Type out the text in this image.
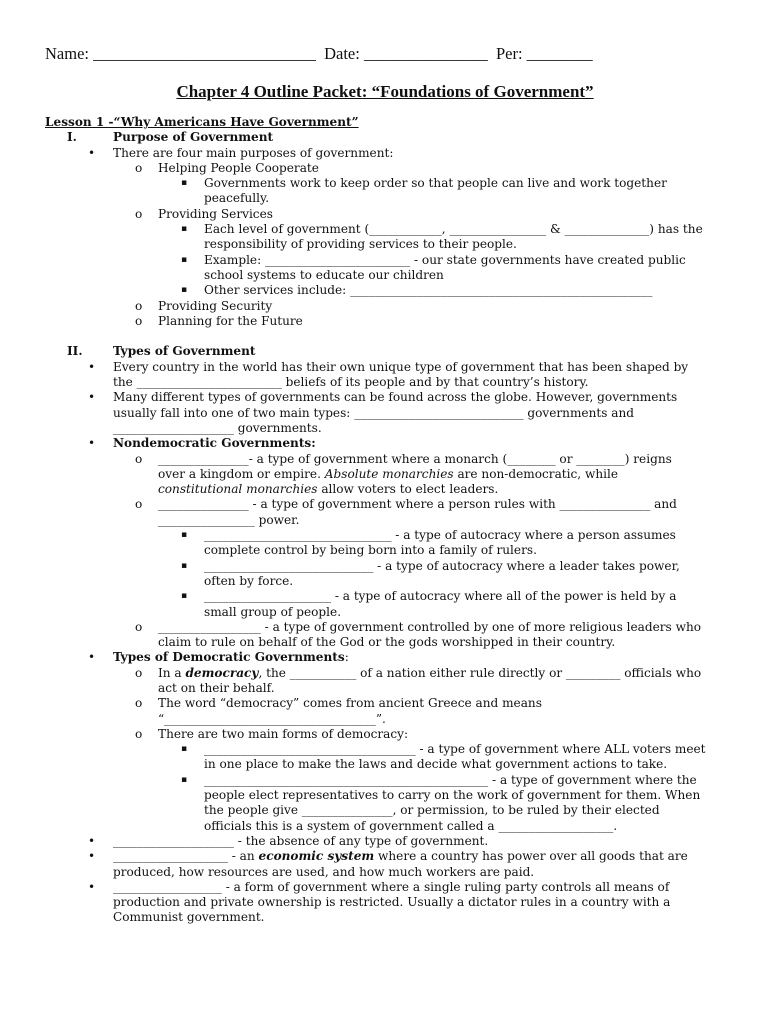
Name: ___________________________  Date: _______________  Per: ________
Chapter 4 Outline Packet: “Foundations of Government”
Lesson 1 -“Why Americans Have Government”
I.	Purpose of Government
• There are four main purposes of government:
o Helping People Cooperate
▪ Governments work to keep order so that people can live and work together
peacefully.
o Providing Services
▪ Each level of government (____________, ________________ & ______________) has the
responsibility of providing services to their people.
▪ Example: ________________________ - our state governments have created public
school systems to educate our children
▪ Other services include: __________________________________________________
o Providing Security
o Planning for the Future
II.	Types of Government
• Every country in the world has their own unique type of government that has been shaped by
the ________________________ beliefs of its people and by that country’s history.
• Many different types of governments can be found across the globe. However, governments
usually fall into one of two main types: ____________________________ governments and
____________________ governments.
• Nondemocratic Governments:
o _______________- a type of government where a monarch (________ or ________) reigns
over a kingdom or empire. Absolute monarchies are non-democratic, while
constitutional monarchies allow voters to elect leaders.
o _______________ - a type of government where a person rules with _______________ and
________________ power.
▪ _______________________________ - a type of autocracy where a person assumes
complete control by being born into a family of rulers.
▪ ____________________________ - a type of autocracy where a leader takes power,
often by force.
▪ _____________________ - a type of autocracy where all of the power is held by a
small group of people.
o _________________ - a type of government controlled by one of more religious leaders who
claim to rule on behalf of the God or the gods worshipped in their country.
• Types of Democratic Governments:
o In a democracy, the ___________ of a nation either rule directly or _________ officials who
act on their behalf.
o The word “democracy” comes from ancient Greece and means
“___________________________________”.
o There are two main forms of democracy:
▪ ___________________________________ - a type of government where ALL voters meet
in one place to make the laws and decide what government actions to take.
▪ _______________________________________________ - a type of government where the
people elect representatives to carry on the work of government for them. When
the people give _______________, or permission, to be ruled by their elected
officials this is a system of government called a ___________________.
• ____________________ - the absence of any type of government.
• ___________________ - an economic system where a country has power over all goods that are
produced, how resources are used, and how much workers are paid.
• __________________ - a form of government where a single ruling party controls all means of
production and private ownership is restricted. Usually a dictator rules in a country with a
Communist government.
